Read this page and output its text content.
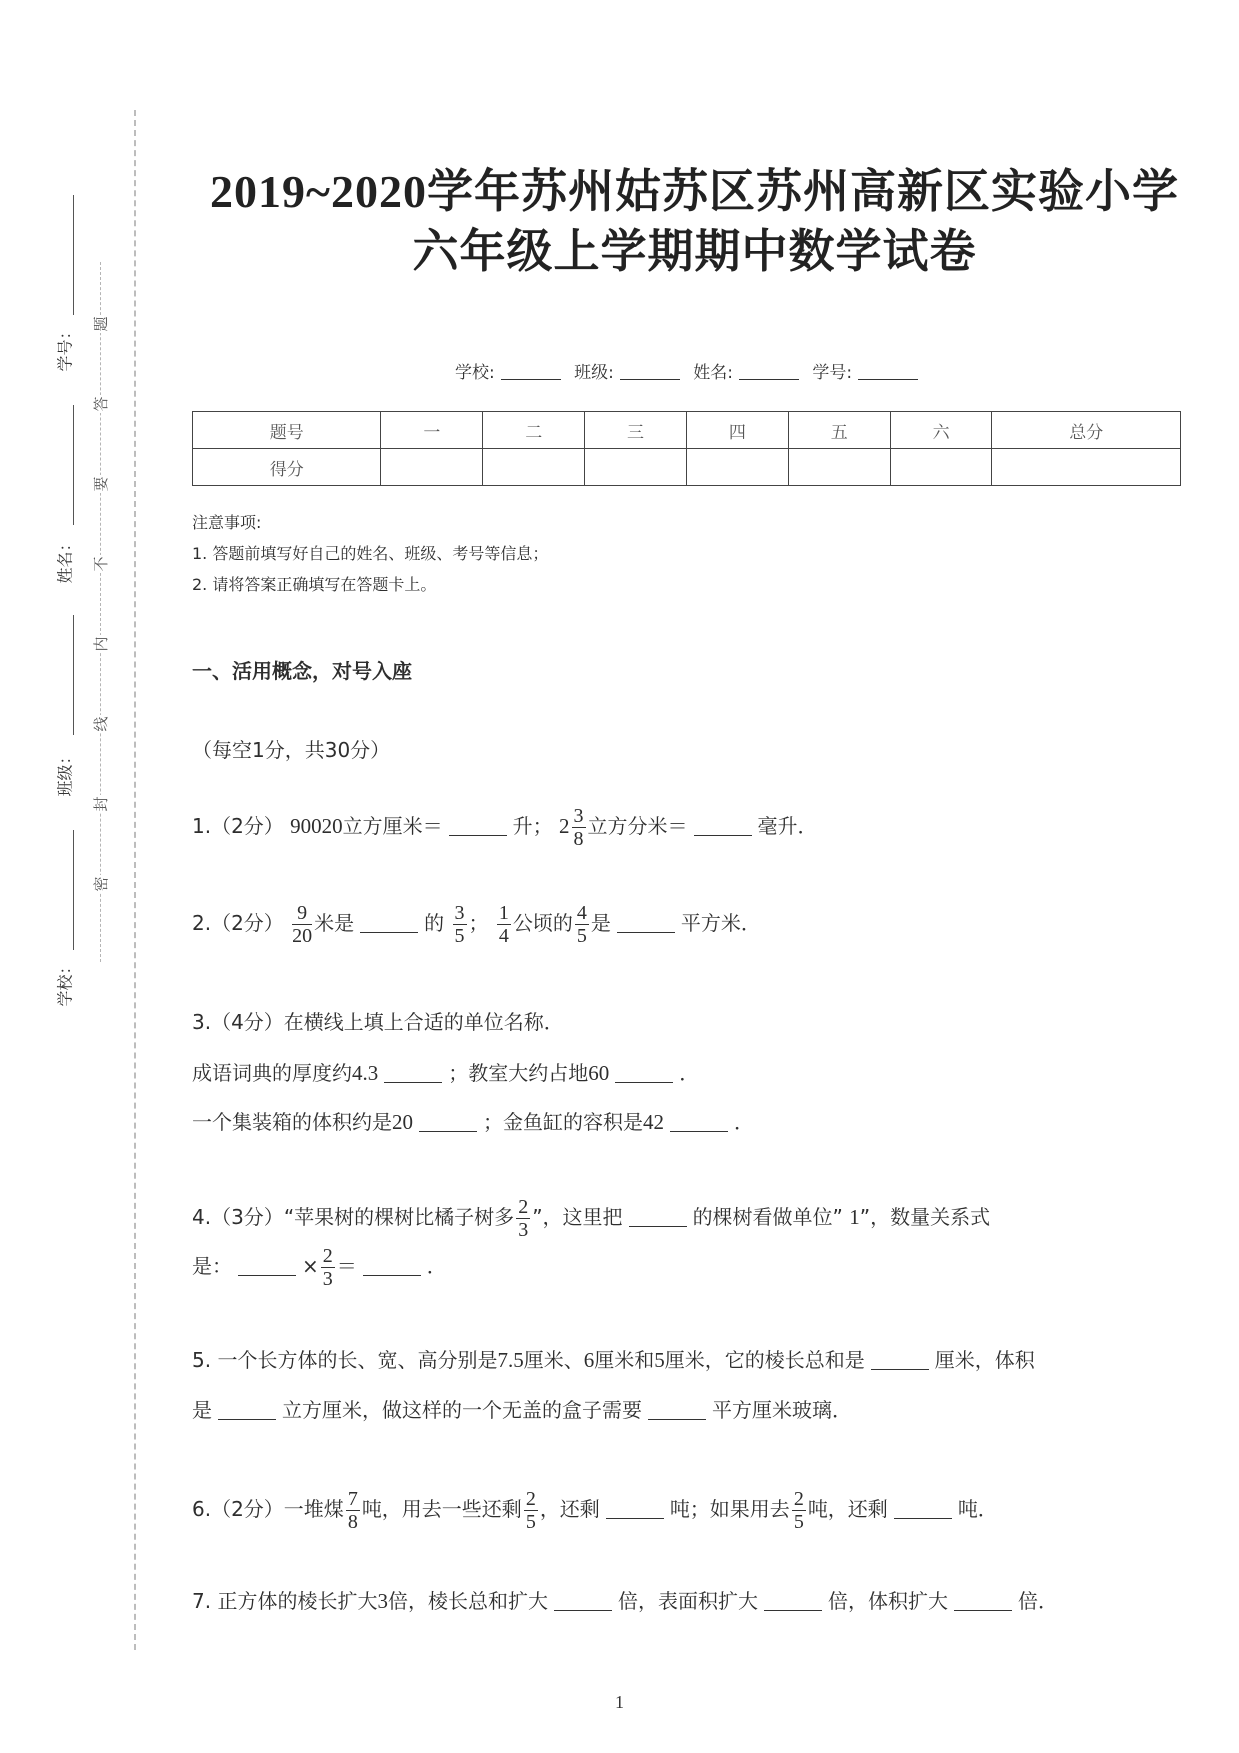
题
答
要
不
内
线
封
密
学号：
姓名：
班级：
学校：
2019~2020学年苏州姑苏区苏州高新区实验小学
六年级上学期期中数学试卷
学校:	班级:	姓名:	学号:
题号	一	二	三	四	五	六	总分
得分							
注意事项:
1. 答题前填写好自己的姓名、班级、考号等信息；
2. 请将答案正确填写在答题卡上。
一、活用概念，对号入座
（每空1分，共30分）
1.（2分） 90020立方厘米＝	升； $2 \frac{3}{8}$ 立方分米＝	毫升．
2.（2分） $\frac{9}{20}$ 米是	的 $\frac{3}{5}$ ； $\frac{1}{4}$ 公顷的 $\frac{4}{5}$ 是	平方米．
3.（4分）在横线上填上合适的单位名称．
成语词典的厚度约4.3	；教室大约占地60	．
一个集装箱的体积约是20	；金鱼缸的容积是42	．
4.（3分）“苹果树的棵树比橘子树多 $\frac{2}{3}$ ”，这里把	的棵树看做单位” 1”，数量关系式
是：	× $\frac{2}{3}$ ＝	．
5. 一个长方体的长、宽、高分别是7.5厘米、6厘米和5厘米，它的棱长总和是	厘米，体积
是	立方厘米，做这样的一个无盖的盒子需要	平方厘米玻璃．
6.（2分）一堆煤 $\frac{7}{8}$ 吨，用去一些还剩 $\frac{2}{5}$ ，还剩	吨；如果用去 $\frac{2}{5}$ 吨，还剩	吨．
7. 正方体的棱长扩大3倍，棱长总和扩大	倍，表面积扩大	倍，体积扩大	倍．
1
